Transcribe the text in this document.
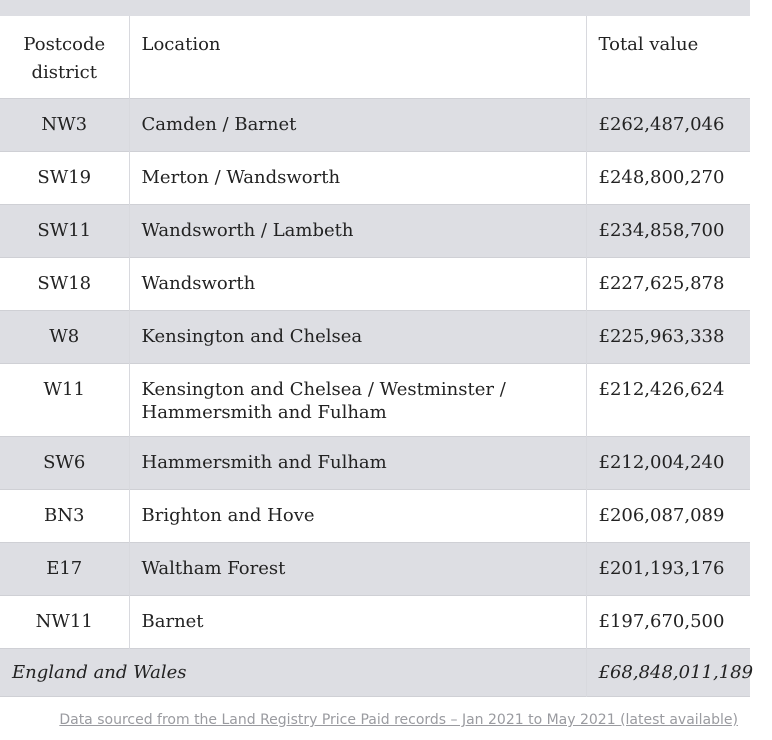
Postcode district	Location	Total value
NW3	Camden / Barnet	£262,487,046
SW19	Merton / Wandsworth	£248,800,270
SW11	Wandsworth / Lambeth	£234,858,700
SW18	Wandsworth	£227,625,878
W8	Kensington and Chelsea	£225,963,338
W11	Kensington and Chelsea / Westminster / Hammersmith and Fulham	£212,426,624
SW6	Hammersmith and Fulham	£212,004,240
BN3	Brighton and Hove	£206,087,089
E17	Waltham Forest	£201,193,176
NW11	Barnet	£197,670,500
England and Wales		£68,848,011,189
Data sourced from the Land Registry Price Paid records – Jan 2021 to May 2021 (latest available)
